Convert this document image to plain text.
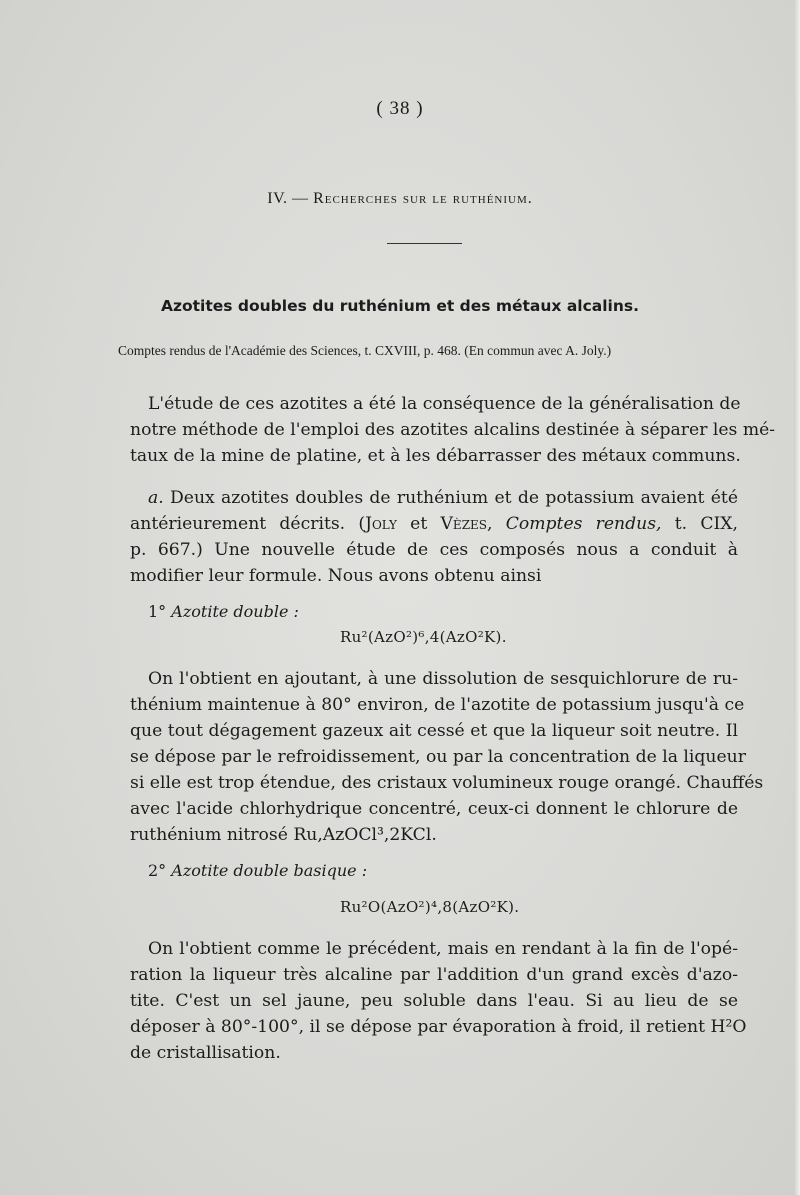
( 38 )
IV. — Recherches sur le ruthénium.
Azotites doubles du ruthénium et des métaux alcalins.
Comptes rendus de l'Académie des Sciences, t. CXVIII, p. 468. (En commun avec A. Joly.)
L'étude de ces azotites a été la conséquence de la généralisation de
notre méthode de l'emploi des azotites alcalins destinée à séparer les mé-
taux de la mine de platine, et à les débarrasser des métaux communs.
a. Deux azotites doubles de ruthénium et de potassium avaient été
antérieurement décrits. (Joly et Vèzes, Comptes rendus, t. CIX,
p. 667.) Une nouvelle étude de ces composés nous a conduit à
modifier leur formule. Nous avons obtenu ainsi
1° Azotite double :
Ru²(AzO²)⁶,4(AzO²K).
On l'obtient en ajoutant, à une dissolution de sesquichlorure de ru-
thénium maintenue à 80° environ, de l'azotite de potassium jusqu'à ce
que tout dégagement gazeux ait cessé et que la liqueur soit neutre. Il
se dépose par le refroidissement, ou par la concentration de la liqueur
si elle est trop étendue, des cristaux volumineux rouge orangé. Chauffés
avec l'acide chlorhydrique concentré, ceux-ci donnent le chlorure de
ruthénium nitrosé Ru,AzOCl³,2KCl.
2° Azotite double basique :
Ru²O(AzO²)⁴,8(AzO²K).
On l'obtient comme le précédent, mais en rendant à la fin de l'opé-
ration la liqueur très alcaline par l'addition d'un grand excès d'azo-
tite. C'est un sel jaune, peu soluble dans l'eau. Si au lieu de se
déposer à 80°-100°, il se dépose par évaporation à froid, il retient H²O
de cristallisation.
